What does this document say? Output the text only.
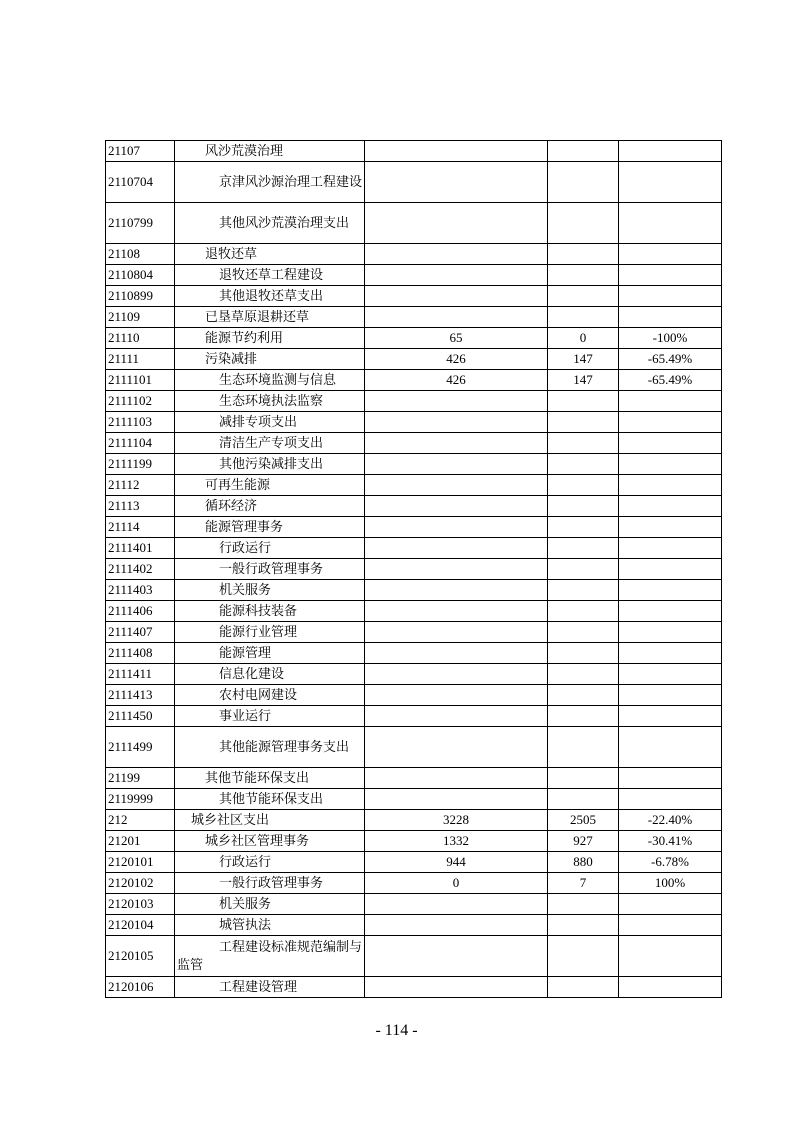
21107	风沙荒漠治理			

2110704	京津风沙源治理工程建设			

2110799	其他风沙荒漠治理支出			

21108	退牧还草			

2110804	退牧还草工程建设			

2110899	其他退牧还草支出			

21109	已垦草原退耕还草			

21110	能源节约利用	65	0	-100%
21111	污染减排	426	147	-65.49%
2111101	生态环境监测与信息	426	147	-65.49%
2111102	生态环境执法监察			

2111103	减排专项支出			

2111104	清洁生产专项支出			

2111199	其他污染减排支出			

21112	可再生能源			

21113	循环经济			

21114	能源管理事务			

2111401	行政运行			

2111402	一般行政管理事务			

2111403	机关服务			

2111406	能源科技装备			

2111407	能源行业管理			

2111408	能源管理			

2111411	信息化建设			

2111413	农村电网建设			

2111450	事业运行			

2111499	其他能源管理事务支出			

21199	其他节能环保支出			

2119999	其他节能环保支出			

212	城乡社区支出	3228	2505	-22.40%
21201	城乡社区管理事务	1332	927	-30.41%
2120101	行政运行	944	880	-6.78%
2120102	一般行政管理事务	0	7	100%
2120103	机关服务			

2120104	城管执法			

2120105	工程建设标准规范编制与监管			

2120106	工程建设管理			

- 114 -
